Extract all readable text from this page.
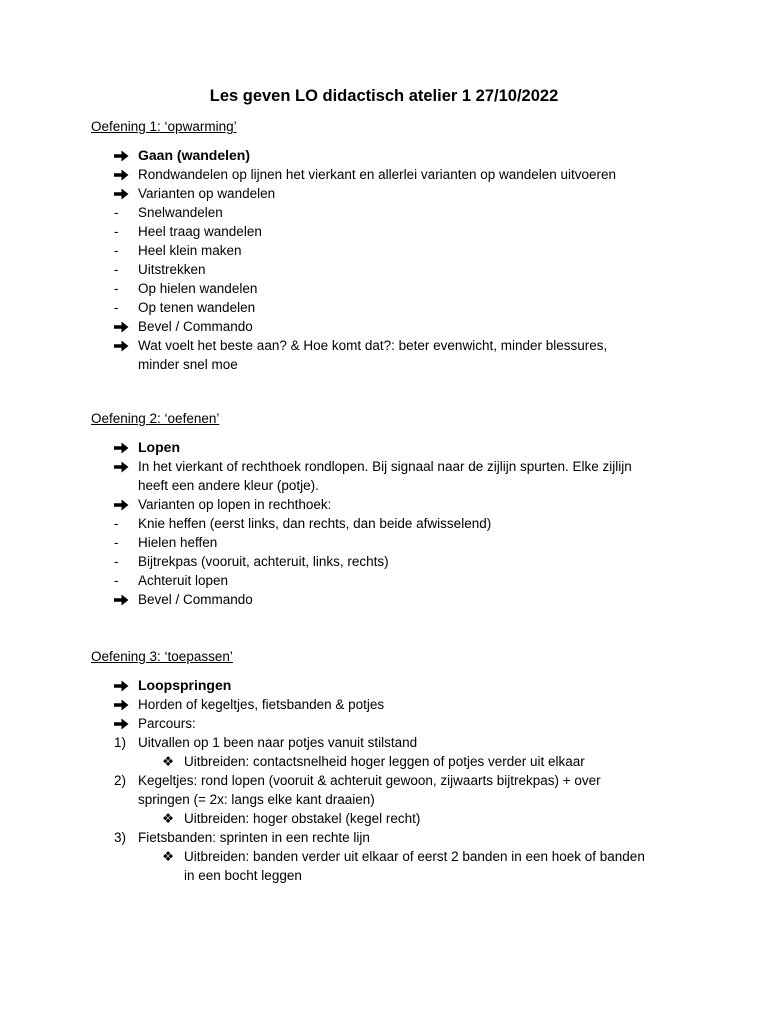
Les geven LO didactisch atelier 1 27/10/2022
Oefening 1: ‘opwarming’
Gaan (wandelen)
Rondwandelen op lijnen het vierkant en allerlei varianten op wandelen uitvoeren
Varianten op wandelen
-	Snelwandelen
-	Heel traag wandelen
-	Heel klein maken
-	Uitstrekken
-	Op hielen wandelen
-	Op tenen wandelen
Bevel / Commando
Wat voelt het beste aan? & Hoe komt dat?: beter evenwicht, minder blessures,
minder snel moe
Oefening 2: ‘oefenen’
Lopen
In het vierkant of rechthoek rondlopen. Bij signaal naar de zijlijn spurten. Elke zijlijn
heeft een andere kleur (potje).
Varianten op lopen in rechthoek:
-	Knie heffen (eerst links, dan rechts, dan beide afwisselend)
-	Hielen heffen
-	Bijtrekpas (vooruit, achteruit, links, rechts)
-	Achteruit lopen
Bevel / Commando
Oefening 3: ‘toepassen’
Loopspringen
Horden of kegeltjes, fietsbanden & potjes
Parcours:
1) Uitvallen op 1 been naar potjes vanuit stilstand
❖ Uitbreiden: contactsnelheid hoger leggen of potjes verder uit elkaar
2) Kegeltjes: rond lopen (vooruit & achteruit gewoon, zijwaarts bijtrekpas) + over
springen (= 2x: langs elke kant draaien)
❖ Uitbreiden: hoger obstakel (kegel recht)
3) Fietsbanden: sprinten in een rechte lijn
❖ Uitbreiden: banden verder uit elkaar of eerst 2 banden in een hoek of banden
in een bocht leggen
